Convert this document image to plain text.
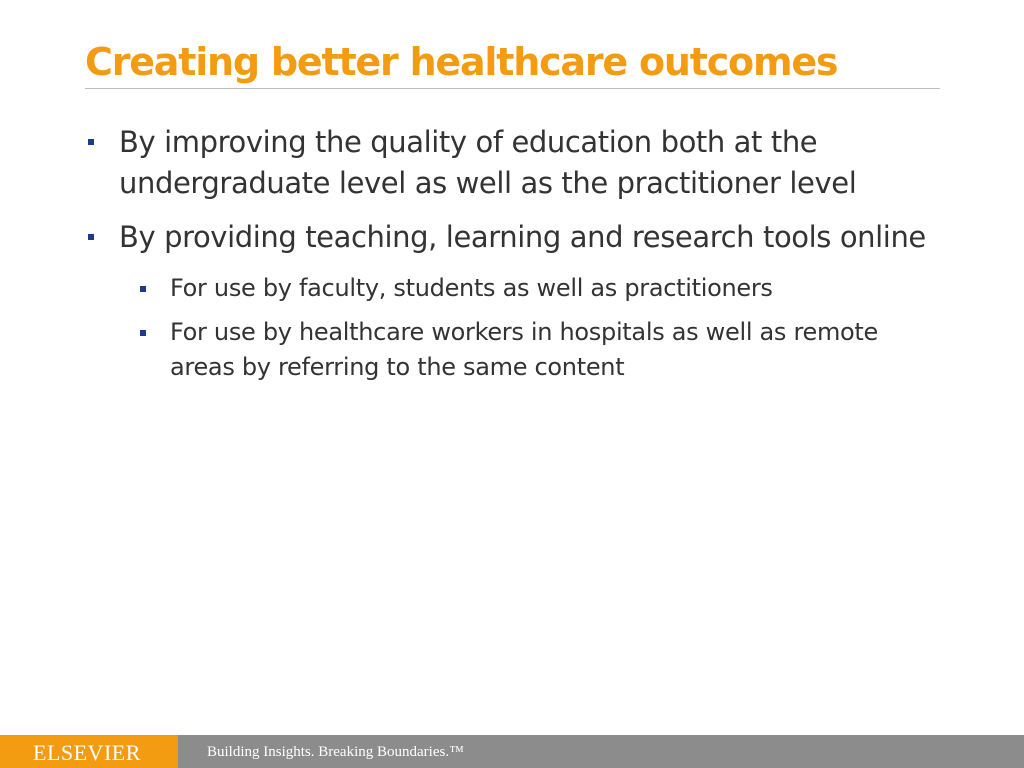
Creating better healthcare outcomes
By improving the quality of education both at the undergraduate level as well as the practitioner level
By providing teaching, learning and research tools online
For use by faculty, students as well as practitioners
For use by healthcare workers in hospitals as well as remote areas by referring to the same content
ELSEVIER	Building Insights. Breaking Boundaries.™
